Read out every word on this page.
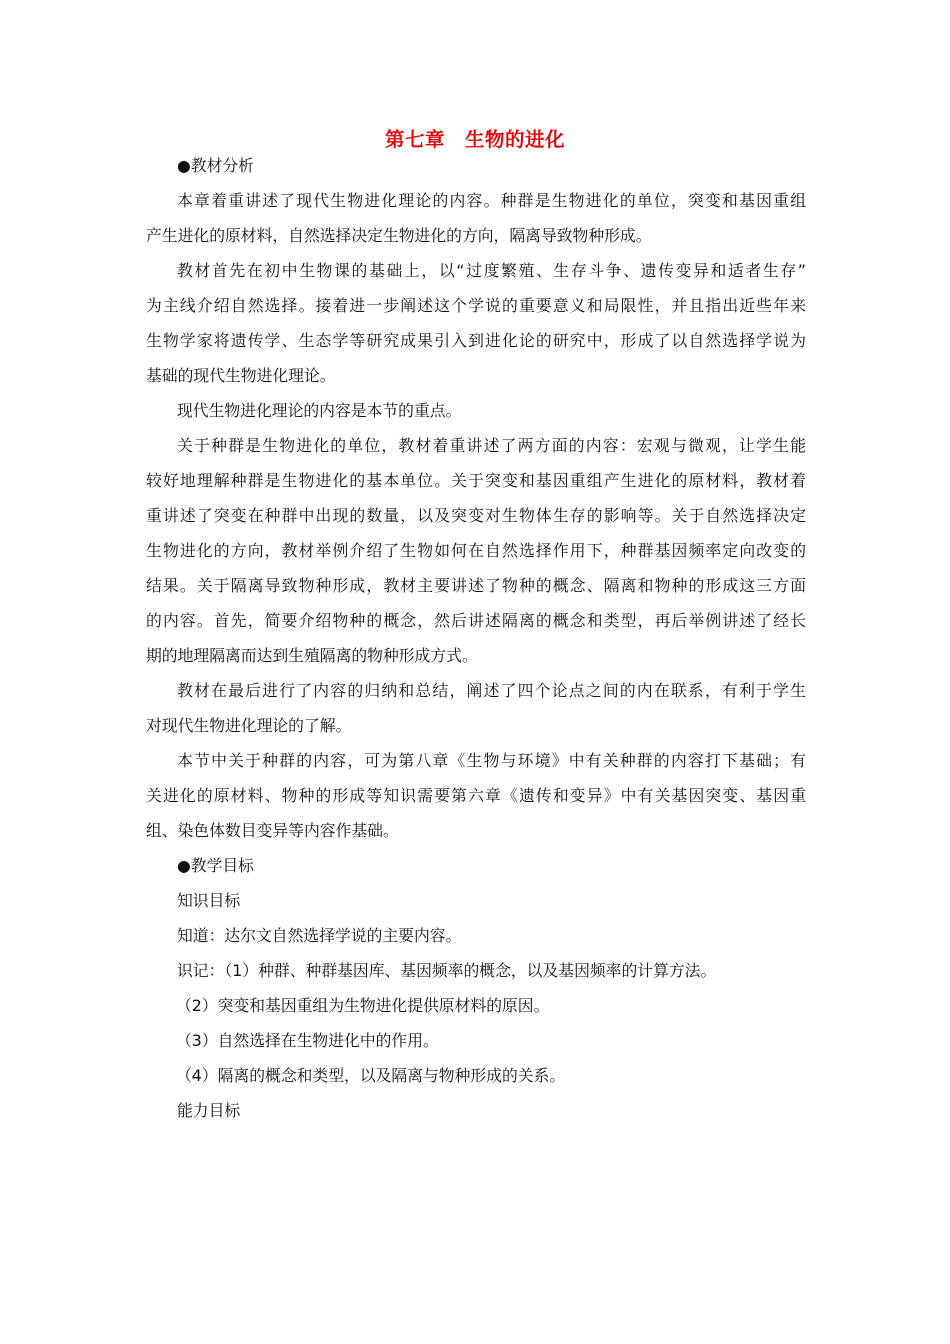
第七章　生物的进化
●教材分析
本章着重讲述了现代生物进化理论的内容。种群是生物进化的单位，突变和基因重组
产生进化的原材料，自然选择决定生物进化的方向，隔离导致物种形成。
教材首先在初中生物课的基础上，以“过度繁殖、生存斗争、遗传变异和适者生存”
为主线介绍自然选择。接着进一步阐述这个学说的重要意义和局限性，并且指出近些年来
生物学家将遗传学、生态学等研究成果引入到进化论的研究中，形成了以自然选择学说为
基础的现代生物进化理论。
现代生物进化理论的内容是本节的重点。
关于种群是生物进化的单位，教材着重讲述了两方面的内容：宏观与微观，让学生能
较好地理解种群是生物进化的基本单位。关于突变和基因重组产生进化的原材料，教材着
重讲述了突变在种群中出现的数量，以及突变对生物体生存的影响等。关于自然选择决定
生物进化的方向，教材举例介绍了生物如何在自然选择作用下，种群基因频率定向改变的
结果。关于隔离导致物种形成，教材主要讲述了物种的概念、隔离和物种的形成这三方面
的内容。首先，简要介绍物种的概念，然后讲述隔离的概念和类型，再后举例讲述了经长
期的地理隔离而达到生殖隔离的物种形成方式。
教材在最后进行了内容的归纳和总结，阐述了四个论点之间的内在联系，有利于学生
对现代生物进化理论的了解。
本节中关于种群的内容，可为第八章《生物与环境》中有关种群的内容打下基础；有
关进化的原材料、物种的形成等知识需要第六章《遗传和变异》中有关基因突变、基因重
组、染色体数目变异等内容作基础。
●教学目标
知识目标
知道：达尔文自然选择学说的主要内容。
识记：（1）种群、种群基因库、基因频率的概念，以及基因频率的计算方法。
（2）突变和基因重组为生物进化提供原材料的原因。
（3）自然选择在生物进化中的作用。
（4）隔离的概念和类型，以及隔离与物种形成的关系。
能力目标
